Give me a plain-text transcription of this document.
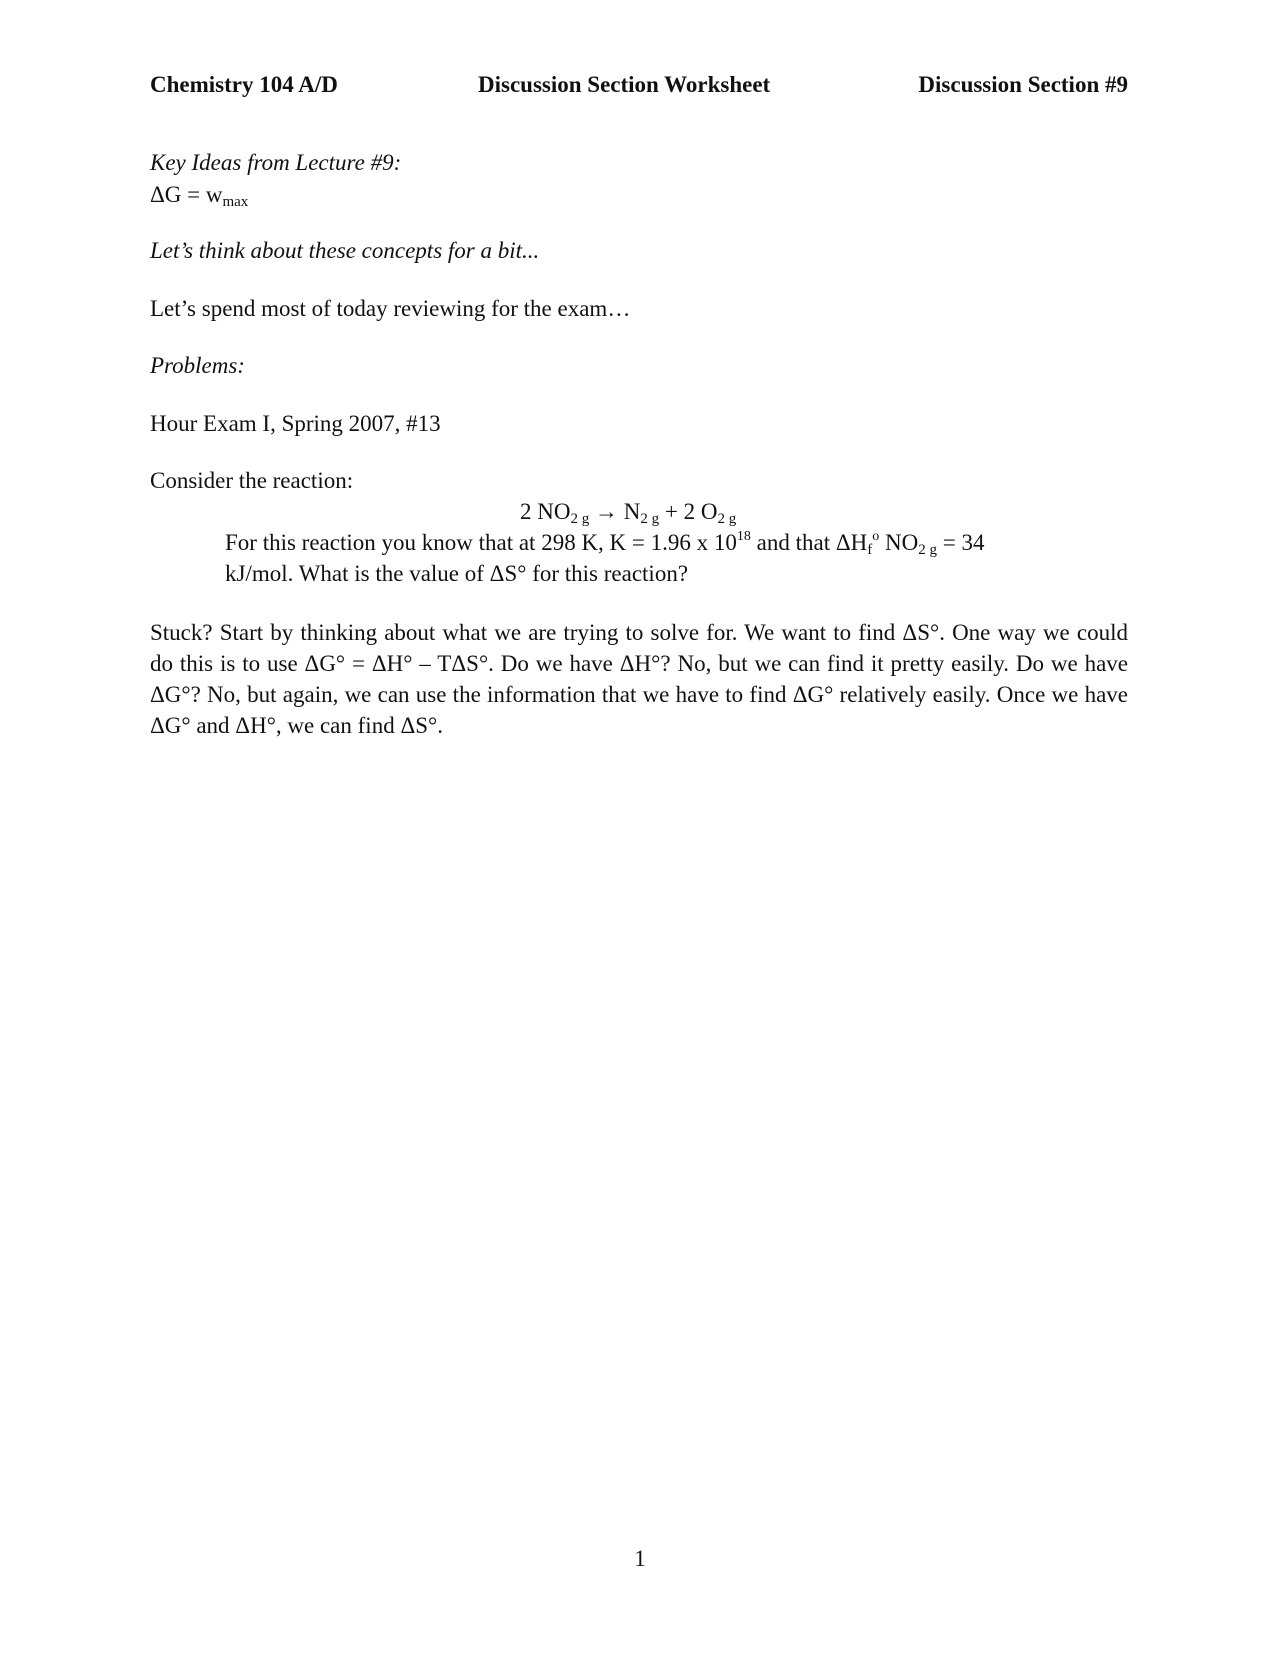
Chemistry 104 A/D	Discussion Section Worksheet	Discussion Section #9
Key Ideas from Lecture #9:
$\Delta G = w_{max}$
Let’s think about these concepts for a bit...
Let’s spend most of today reviewing for the exam…
Problems:
Hour Exam I, Spring 2007, #13
Consider the reaction:
2 $NO_{2 g} \to N_{2 g} + 2$ $O_{2 g}$
For this reaction you know that at 298 K, K = 1.96 x $10^{18}$ and that $\Delta H_f^o$ $NO_{2 g} = 34$
kJ/mol. What is the value of ΔS° for this reaction?
Stuck? Start by thinking about what we are trying to solve for. We want to find ΔS°. One way we could do this is to use ΔG° = ΔH° – TΔS°. Do we have ΔH°? No, but we can find it pretty easily. Do we have ΔG°? No, but again, we can use the information that we have to find ΔG° relatively easily. Once we have ΔG° and ΔH°, we can find ΔS°.
1
